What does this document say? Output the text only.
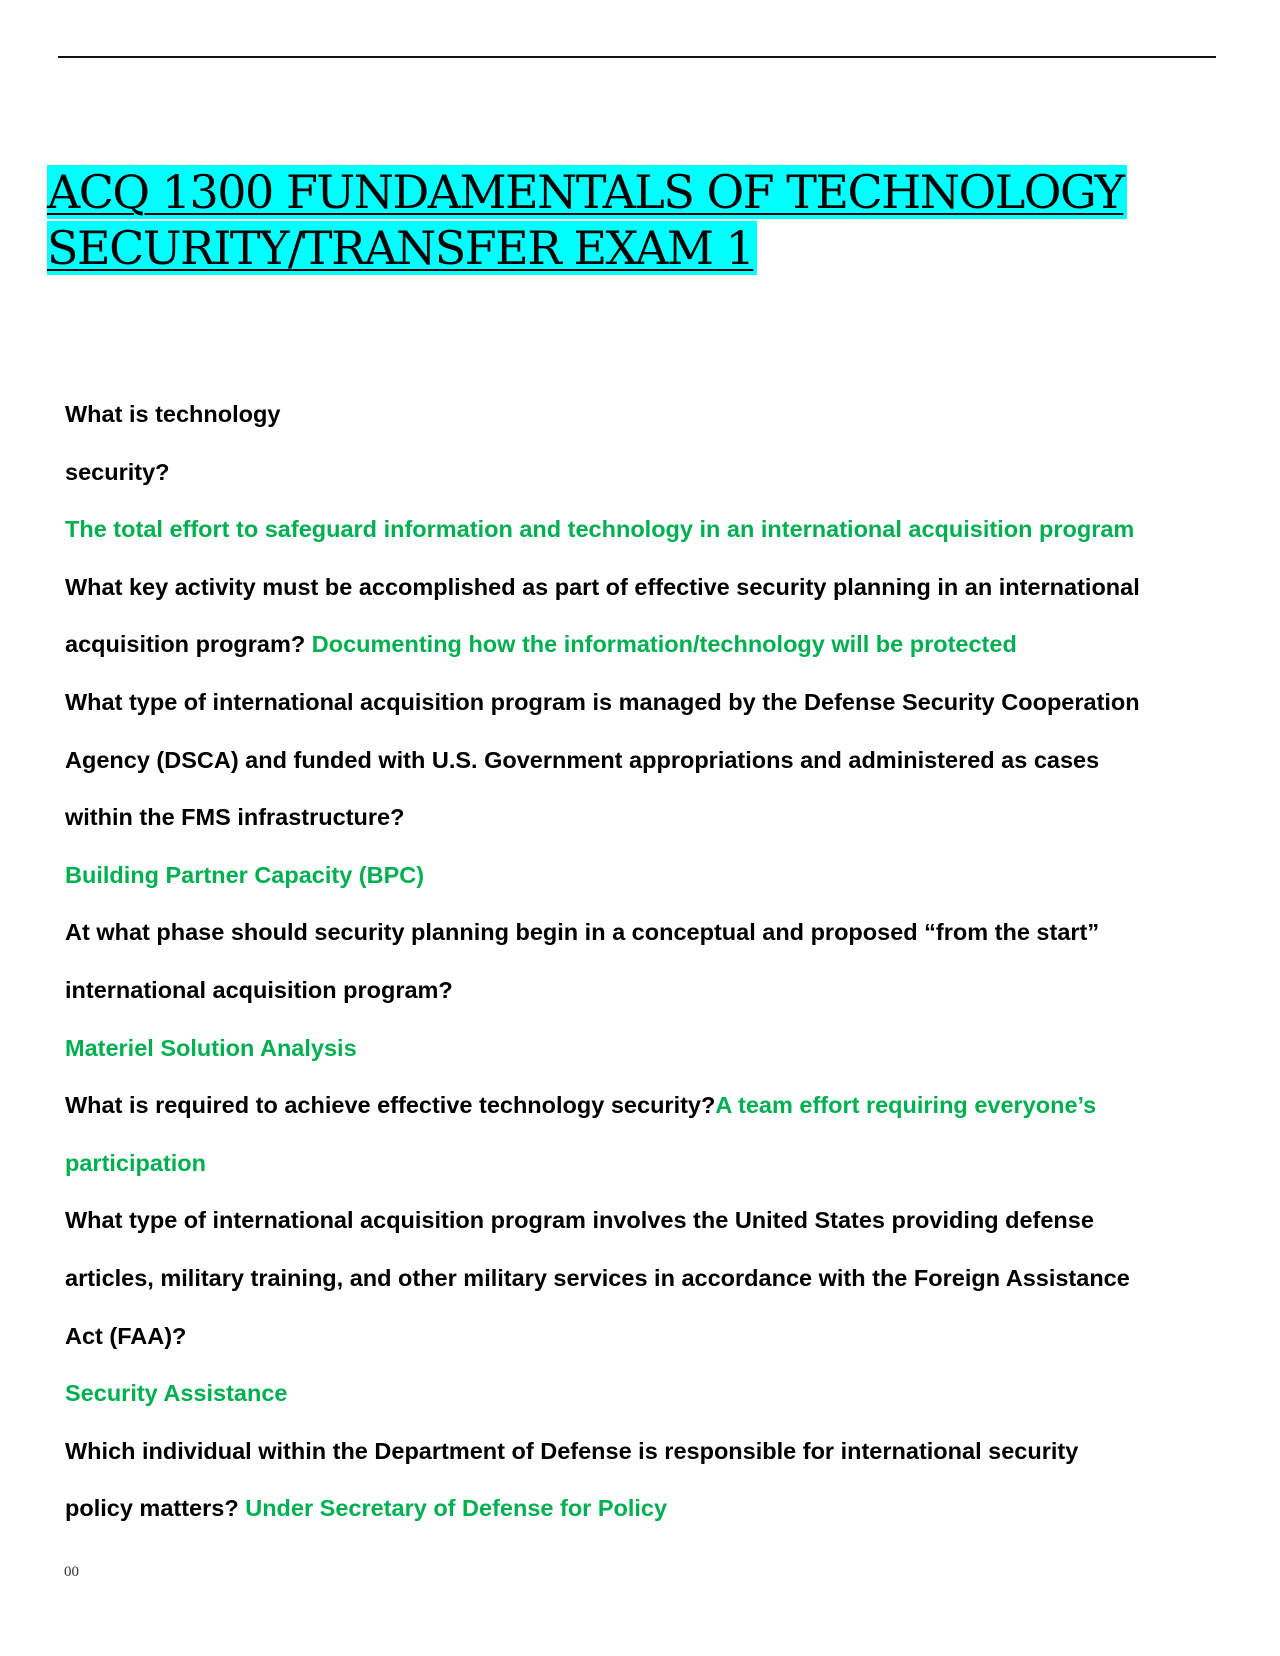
ACQ 1300 FUNDAMENTALS OF TECHNOLOGY
SECURITY/TRANSFER EXAM 1
What is technology
security?
The total effort to safeguard information and technology in an international acquisition program
What key activity must be accomplished as part of effective security planning in an international
acquisition program? Documenting how the information/technology will be protected
What type of international acquisition program is managed by the Defense Security Cooperation
Agency (DSCA) and funded with U.S. Government appropriations and administered as cases
within the FMS infrastructure?
Building Partner Capacity (BPC)
At what phase should security planning begin in a conceptual and proposed “from the start”
international acquisition program?
Materiel Solution Analysis
What is required to achieve effective technology security?A team effort requiring everyone’s
participation
What type of international acquisition program involves the United States providing defense
articles, military training, and other military services in accordance with the Foreign Assistance
Act (FAA)?
Security Assistance
Which individual within the Department of Defense is responsible for international security
policy matters? Under Secretary of Defense for Policy
00
